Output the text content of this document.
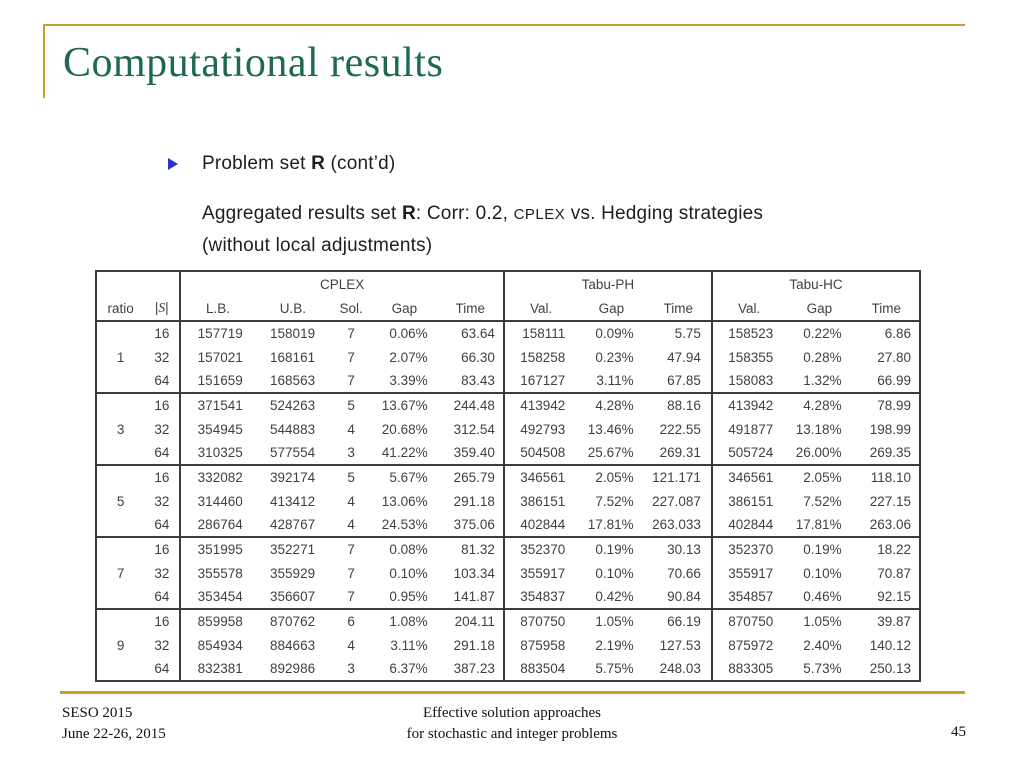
Computational results
Problem set R (cont’d)
Aggregated results set R: Corr: 0.2, CPLEX vs. Hedging strategies
(without local adjustments)
		CPLEX					Tabu-PH			Tabu-HC		
ratio	|S|	L.B.	U.B.	Sol.	Gap	Time	Val.	Gap	Time	Val.	Gap	Time
1	16	157719	158019	7	0.06%	63.64	158111	0.09%	5.75	158523	0.22%	6.86
	32	157021	168161	7	2.07%	66.30	158258	0.23%	47.94	158355	0.28%	27.80
	64	151659	168563	7	3.39%	83.43	167127	3.11%	67.85	158083	1.32%	66.99
3	16	371541	524263	5	13.67%	244.48	413942	4.28%	88.16	413942	4.28%	78.99
	32	354945	544883	4	20.68%	312.54	492793	13.46%	222.55	491877	13.18%	198.99
	64	310325	577554	3	41.22%	359.40	504508	25.67%	269.31	505724	26.00%	269.35
5	16	332082	392174	5	5.67%	265.79	346561	2.05%	121.171	346561	2.05%	118.10
	32	314460	413412	4	13.06%	291.18	386151	7.52%	227.087	386151	7.52%	227.15
	64	286764	428767	4	24.53%	375.06	402844	17.81%	263.033	402844	17.81%	263.06
7	16	351995	352271	7	0.08%	81.32	352370	0.19%	30.13	352370	0.19%	18.22
	32	355578	355929	7	0.10%	103.34	355917	0.10%	70.66	355917	0.10%	70.87
	64	353454	356607	7	0.95%	141.87	354837	0.42%	90.84	354857	0.46%	92.15
9	16	859958	870762	6	1.08%	204.11	870750	1.05%	66.19	870750	1.05%	39.87
	32	854934	884663	4	3.11%	291.18	875958	2.19%	127.53	875972	2.40%	140.12
	64	832381	892986	3	6.37%	387.23	883504	5.75%	248.03	883305	5.73%	250.13
SESO 2015
June 22-26, 2015
Effective solution approaches
for stochastic and integer problems	45
